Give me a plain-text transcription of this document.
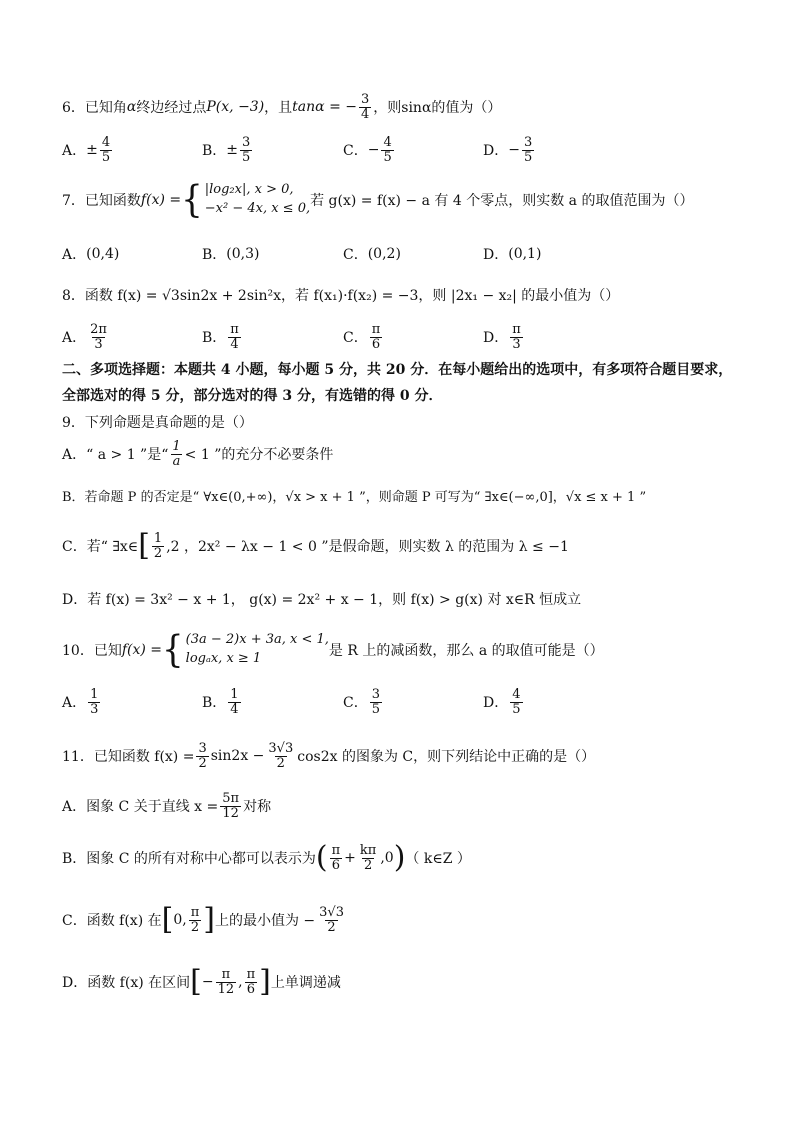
6．已知角 α 终边经过点 P(x, −3) ，且 tanα = − $\frac{3}{4}$ ，则sinα的值为（）
A． ± $\frac{4}{5}$	B． ± $\frac{3}{5}$	C． − $\frac{4}{5}$	D． − $\frac{3}{5}$
7．已知函数 f(x) = { |log₂x|, x > 0,
−x² − 4x, x ≤ 0, 若 g(x) = f(x) − a 有 4 个零点，则实数 a 的取值范围为（）
A． (0,4)	B． (0,3)	C． (0,2)	D． (0,1)
8．函数 f(x) = √3sin2x + 2sin²x，若 f(x₁)·f(x₂) = −3，则 |2x₁ − x₂| 的最小值为（）
A． $\frac{2\pi}{3}$	B． $\frac{\pi}{4}$	C． $\frac{\pi}{6}$	D． $\frac{\pi}{3}$
二、多项选择题：本题共 4 小题，每小题 5 分，共 20 分．在每小题给出的选项中，有多项符合题目要求，全部选对的得 5 分，部分选对的得 3 分，有选错的得 0 分．
9．下列命题是真命题的是（）
A．“ a > 1 ”是“ $\frac{1}{a} < 1$ ”的充分不必要条件
B．若命题 P 的否定是“ ∀x∈(0,+∞)，√x > x + 1 ”，则命题 P 可写为“ ∃x∈(−∞,0]，√x ≤ x + 1 ”
C．若“ ∃x∈ [ $\frac{1}{2} ,2$ ，2x² − λx − 1 < 0 ”是假命题，则实数 λ 的范围为 λ ≤ −1
D．若 f(x) = 3x² − x + 1， g(x) = 2x² + x − 1，则 f(x) > g(x) 对 x∈R 恒成立
10．已知 f(x) = { (3a − 2)x + 3a, x < 1,
logₐx, x ≥ 1	是 R 上的减函数，那么 a 的取值可能是（）
A． $\frac{1}{3}$	B． $\frac{1}{4}$	C． $\frac{3}{5}$	D． $\frac{4}{5}$
11．已知函数 $f(x) = \frac{3}{2} \sin 2x - \frac{3√3}{2} \cos 2x$ 的图象为 C，则下列结论中正确的是（）
A．图象 C 关于直线 $x = \frac{5\pi}{12}$ 对称
B．图象 C 的所有对称中心都可以表示为 ( $\frac{\pi}{6} + \frac{k\pi}{2} ,0$ ) （ k∈Z ）
C．函数 f(x) 在 [ 0, $\frac{\pi}{2}$ ] 上的最小值为 − $\frac{3√3}{2}$
D．函数 f(x) 在区间 [ − $\frac{\pi}{12}$ , $\frac{\pi}{6}$ ] 上单调递减
